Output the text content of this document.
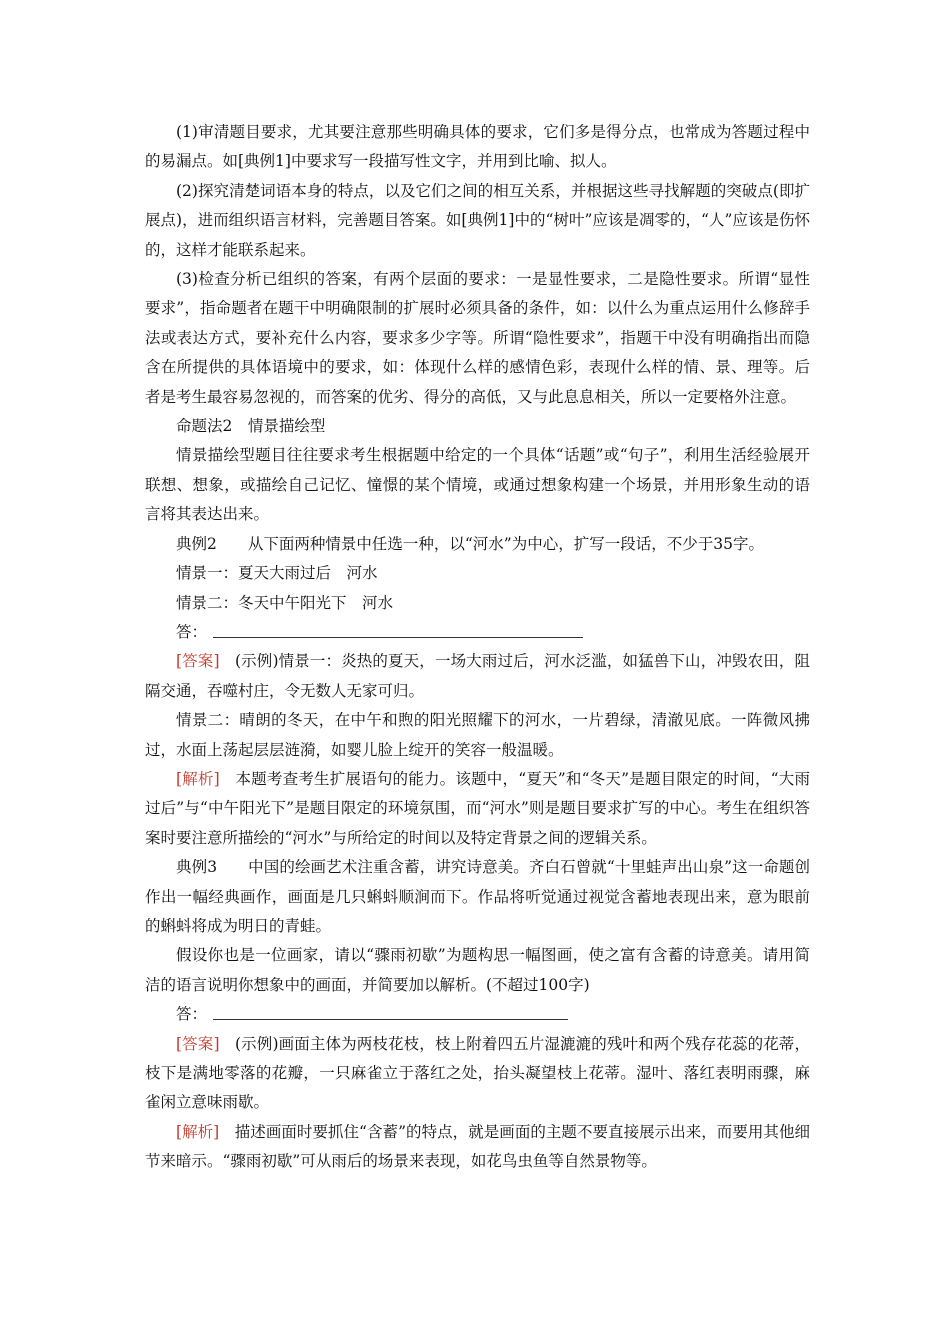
(1)审清题目要求，尤其要注意那些明确具体的要求，它们多是得分点，也常成为答题过程中的易漏点。如[典例1]中要求写一段描写性文字，并用到比喻、拟人。

(2)探究清楚词语本身的特点，以及它们之间的相互关系，并根据这些寻找解题的突破点(即扩展点)，进而组织语言材料，完善题目答案。如[典例1]中的“树叶”应该是凋零的，“人”应该是伤怀的，这样才能联系起来。

(3)检查分析已组织的答案，有两个层面的要求：一是显性要求，二是隐性要求。所谓“显性要求”，指命题者在题干中明确限制的扩展时必须具备的条件，如：以什么为重点运用什么修辞手法或表达方式，要补充什么内容，要求多少字等。所谓“隐性要求”，指题干中没有明确指出而隐含在所提供的具体语境中的要求，如：体现什么样的感情色彩，表现什么样的情、景、理等。后者是考生最容易忽视的，而答案的优劣、得分的高低，又与此息息相关，所以一定要格外注意。

命题法2 情景描绘型

情景描绘型题目往往要求考生根据题中给定的一个具体“话题”或“句子”，利用生活经验展开联想、想象，或描绘自己记忆、憧憬的某个情境，或通过想象构建一个场景，并用形象生动的语言将其表达出来。

典例2 从下面两种情景中任选一种，以“河水”为中心，扩写一段话，不少于35字。

情景一：夏天大雨过后 河水

情景二：冬天中午阳光下 河水

答：

[答案] (示例)情景一：炎热的夏天，一场大雨过后，河水泛滥，如猛兽下山，冲毁农田，阻隔交通，吞噬村庄，令无数人无家可归。

情景二：晴朗的冬天，在中午和煦的阳光照耀下的河水，一片碧绿，清澈见底。一阵微风拂过，水面上荡起层层涟漪，如婴儿脸上绽开的笑容一般温暖。

[解析] 本题考查考生扩展语句的能力。该题中，“夏天”和“冬天”是题目限定的时间，“大雨过后”与“中午阳光下”是题目限定的环境氛围，而“河水”则是题目要求扩写的中心。考生在组织答案时要注意所描绘的“河水”与所给定的时间以及特定背景之间的逻辑关系。

典例3 中国的绘画艺术注重含蓄，讲究诗意美。齐白石曾就“十里蛙声出山泉”这一命题创作出一幅经典画作，画面是几只蝌蚪顺涧而下。作品将听觉通过视觉含蓄地表现出来，意为眼前的蝌蚪将成为明日的青蛙。

假设你也是一位画家，请以“骤雨初歇”为题构思一幅图画，使之富有含蓄的诗意美。请用简洁的语言说明你想象中的画面，并简要加以解析。(不超过100字)

答：

[答案] (示例)画面主体为两枝花枝，枝上附着四五片湿漉漉的残叶和两个残存花蕊的花蒂，枝下是满地零落的花瓣，一只麻雀立于落红之处，抬头凝望枝上花蒂。湿叶、落红表明雨骤，麻雀闲立意味雨歇。

[解析] 描述画面时要抓住“含蓄”的特点，就是画面的主题不要直接展示出来，而要用其他细节来暗示。“骤雨初歇”可从雨后的场景来表现，如花鸟虫鱼等自然景物等。
